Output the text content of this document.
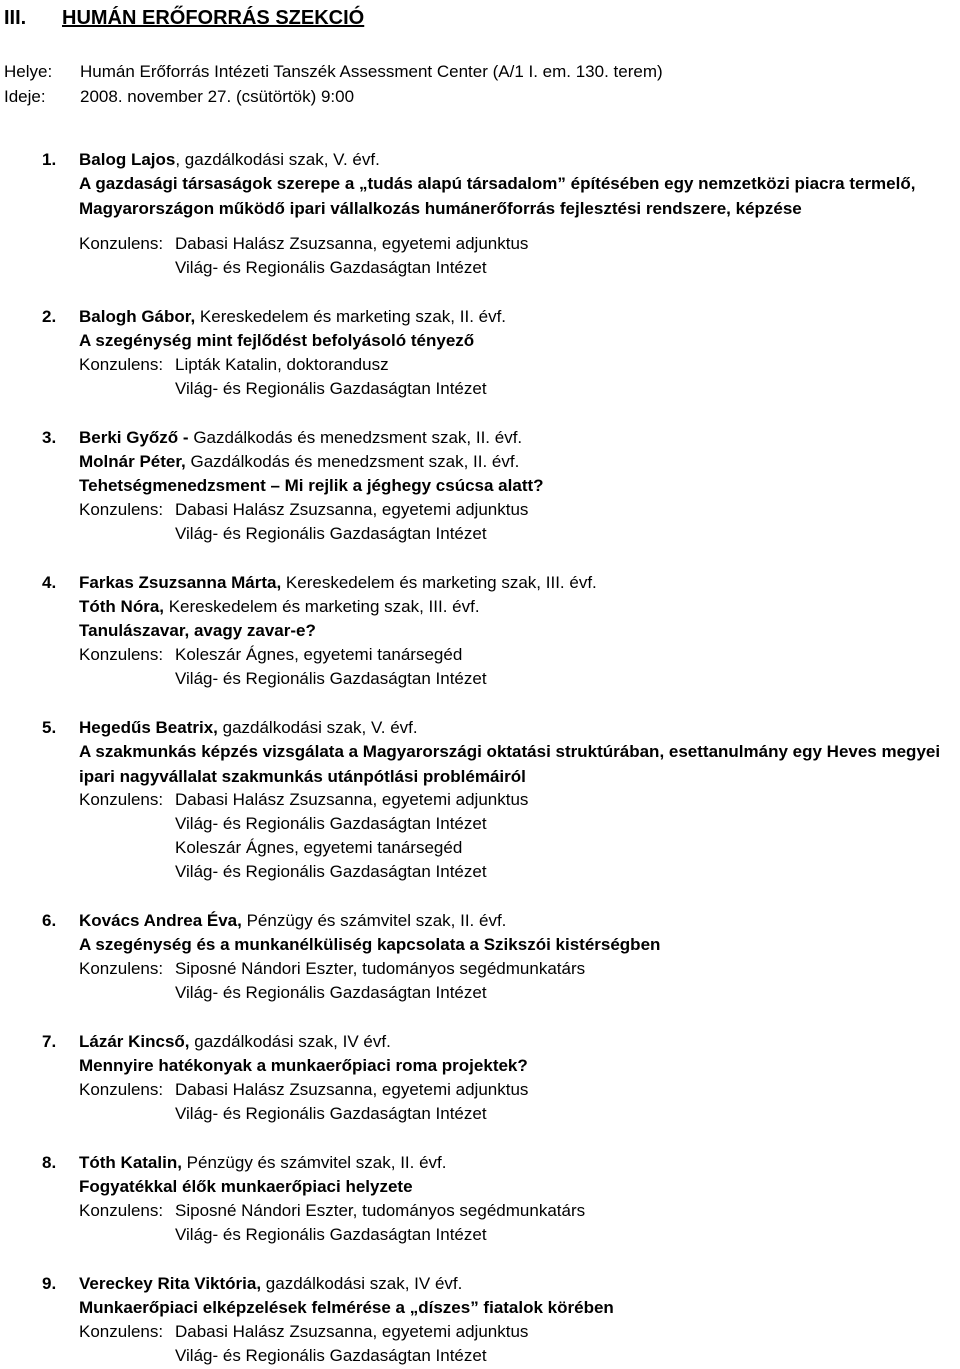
III. HUMÁN ERŐFORRÁS SZEKCIÓ
Helye: Humán Erőforrás Intézeti Tanszék Assessment Center (A/1 I. em. 130. terem)
Ideje: 2008. november 27. (csütörtök) 9:00
1. Balog Lajos, gazdálkodási szak, V. évf.
A gazdasági társaságok szerepe a „tudás alapú társadalom” építésében egy nemzetközi piacra termelő, Magyarországon működő ipari vállalkozás humánerőforrás fejlesztési rendszere, képzése
Konzulens: Dabasi Halász Zsuzsanna, egyetemi adjunktus
Világ- és Regionális Gazdaságtan Intézet
2. Balogh Gábor, Kereskedelem és marketing szak, II. évf.
A szegénység mint fejlődést befolyásoló tényező
Konzulens: Lipták Katalin, doktorandusz
Világ- és Regionális Gazdaságtan Intézet
3. Berki Győző - Gazdálkodás és menedzsment szak, II. évf.
Molnár Péter, Gazdálkodás és menedzsment szak, II. évf.
Tehetségmenedzsment – Mi rejlik a jéghegy csúcsa alatt?
Konzulens: Dabasi Halász Zsuzsanna, egyetemi adjunktus
Világ- és Regionális Gazdaságtan Intézet
4. Farkas Zsuzsanna Márta, Kereskedelem és marketing szak, III. évf.
Tóth Nóra, Kereskedelem és marketing szak, III. évf.
Tanulászavar, avagy zavar-e?
Konzulens: Koleszár Ágnes, egyetemi tanársegéd
Világ- és Regionális Gazdaságtan Intézet
5. Hegedűs Beatrix, gazdálkodási szak, V. évf.
A szakmunkás képzés vizsgálata a Magyarországi oktatási struktúrában, esettanulmány egy Heves megyei ipari nagyvállalat szakmunkás utánpótlási problémáiról
Konzulens: Dabasi Halász Zsuzsanna, egyetemi adjunktus
Világ- és Regionális Gazdaságtan Intézet
Koleszár Ágnes, egyetemi tanársegéd
Világ- és Regionális Gazdaságtan Intézet
6. Kovács Andrea Éva, Pénzügy és számvitel szak, II. évf.
A szegénység és a munkanélküliség kapcsolata a Szikszói kistérségben
Konzulens: Siposné Nándori Eszter, tudományos segédmunkatárs
Világ- és Regionális Gazdaságtan Intézet
7. Lázár Kincső, gazdálkodási szak, IV évf.
Mennyire hatékonyak a munkaerőpiaci roma projektek?
Konzulens: Dabasi Halász Zsuzsanna, egyetemi adjunktus
Világ- és Regionális Gazdaságtan Intézet
8. Tóth Katalin, Pénzügy és számvitel szak, II. évf.
Fogyatékkal élők munkaerőpiaci helyzete
Konzulens: Siposné Nándori Eszter, tudományos segédmunkatárs
Világ- és Regionális Gazdaságtan Intézet
9. Vereckey Rita Viktória, gazdálkodási szak, IV évf.
Munkaerőpiaci elképzelések felmérése a „díszes” fiatalok körében
Konzulens: Dabasi Halász Zsuzsanna, egyetemi adjunktus
Világ- és Regionális Gazdaságtan Intézet
